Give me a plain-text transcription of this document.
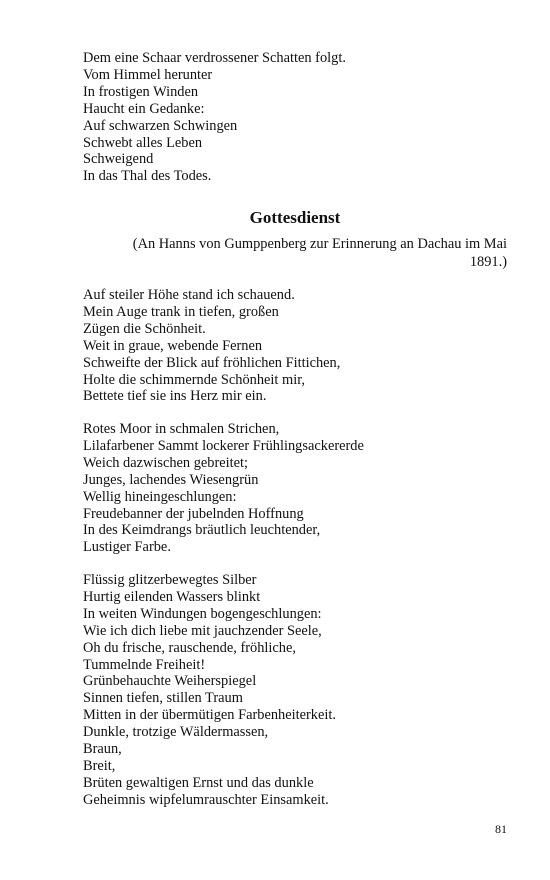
Dem eine Schaar verdrossener Schatten folgt.
Vom Himmel herunter
In frostigen Winden
Haucht ein Gedanke:
Auf schwarzen Schwingen
Schwebt alles Leben
Schweigend
In das Thal des Todes.
Gottesdienst
(An Hanns von Gumppenberg zur Erinnerung an Dachau im Mai
1891.)
Auf steiler Höhe stand ich schauend.
Mein Auge trank in tiefen, großen
Zügen die Schönheit.
Weit in graue, webende Fernen
Schweifte der Blick auf fröhlichen Fittichen,
Holte die schimmernde Schönheit mir,
Bettete tief sie ins Herz mir ein.
Rotes Moor in schmalen Strichen,
Lilafarbener Sammt lockerer Frühlingsackererde
Weich dazwischen gebreitet;
Junges, lachendes Wiesengrün
Wellig hineingeschlungen:
Freudebanner der jubelnden Hoffnung
In des Keimdrangs bräutlich leuchtender,
Lustiger Farbe.
Flüssig glitzerbewegtes Silber
Hurtig eilenden Wassers blinkt
In weiten Windungen bogengeschlungen:
Wie ich dich liebe mit jauchzender Seele,
Oh du frische, rauschende, fröhliche,
Tummelnde Freiheit!
Grünbehauchte Weiherspiegel
Sinnen tiefen, stillen Traum
Mitten in der übermütigen Farbenheiterkeit.
Dunkle, trotzige Wäldermassen,
Braun,
Breit,
Brüten gewaltigen Ernst und das dunkle
Geheimnis wipfelumrauschter Einsamkeit.
81
